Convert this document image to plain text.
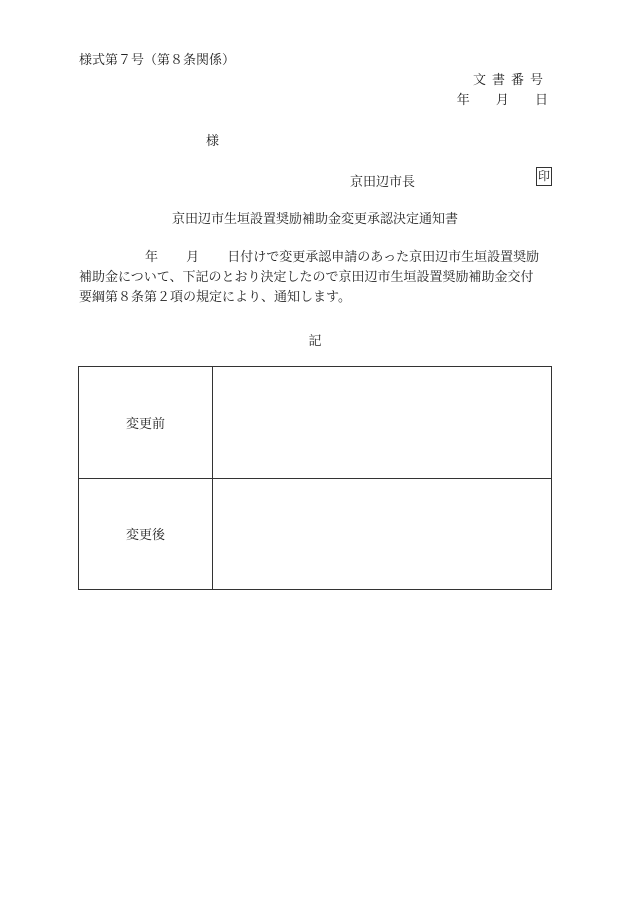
様式第７号（第８条関係）
文書番号
年 月 日
様
京田辺市長	印
京田辺市生垣設置奨励補助金変更承認決定通知書
年 月 日付けで変更承認申請のあった京田辺市生垣設置奨励
補助金について、下記のとおり決定したので京田辺市生垣設置奨励補助金交付
要綱第８条第２項の規定により、通知します。
記
変更前	
変更後	
